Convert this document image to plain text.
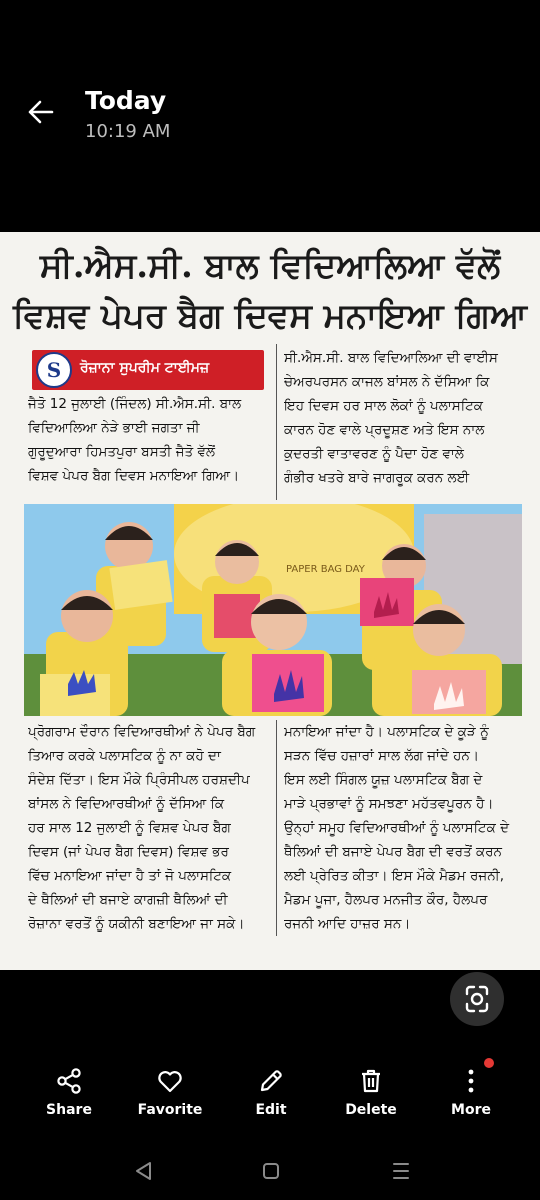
Today
10:19 AM
ਸੀ.ਐਸ.ਸੀ. ਬਾਲ ਵਿਦਿਆਲਿਆ ਵੱਲੋਂ
ਵਿਸ਼ਵ ਪੇਪਰ ਬੈਗ ਦਿਵਸ ਮਨਾਇਆ ਗਿਆ
S	ਰੋਜ਼ਾਨਾ ਸੁਪਰੀਮ ਟਾਈਮਜ਼
ਜੈਤੋ 12 ਜੁਲਾਈ (ਜਿੰਦਲ) ਸੀ.ਐਸ.ਸੀ. ਬਾਲ
ਵਿਦਿਆਲਿਆ ਨੇੜੇ ਭਾਈ ਜਗਤਾ ਜੀ
ਗੁਰੂਦੁਆਰਾ ਹਿਮਤਪੁਰਾ ਬਸਤੀ ਜੈਤੋ ਵੱਲੋਂ
ਵਿਸ਼ਵ ਪੇਪਰ ਬੈਗ ਦਿਵਸ ਮਨਾਇਆ ਗਿਆ।
ਸੀ.ਐਸ.ਸੀ. ਬਾਲ ਵਿਦਿਆਲਿਆ ਦੀ ਵਾਈਸ
ਚੇਅਰਪਰਸਨ ਕਾਜਲ ਬਾਂਸਲ ਨੇ ਦੱਸਿਆ ਕਿ
ਇਹ ਦਿਵਸ ਹਰ ਸਾਲ ਲੋਕਾਂ ਨੂੰ ਪਲਾਸਟਿਕ
ਕਾਰਨ ਹੋਣ ਵਾਲੇ ਪ੍ਰਦੂਸ਼ਣ ਅਤੇ ਇਸ ਨਾਲ
ਕੁਦਰਤੀ ਵਾਤਾਵਰਣ ਨੂੰ ਪੈਦਾ ਹੋਣ ਵਾਲੇ
ਗੰਭੀਰ ਖਤਰੇ ਬਾਰੇ ਜਾਗਰੂਕ ਕਰਨ ਲਈ
PAPER BAG DAY
ਪ੍ਰੋਗਰਾਮ ਦੌਰਾਨ ਵਿਦਿਆਰਥੀਆਂ ਨੇ ਪੇਪਰ ਬੈਗ
ਤਿਆਰ ਕਰਕੇ ਪਲਾਸਟਿਕ ਨੂੰ ਨਾ ਕਹੋ ਦਾ
ਸੰਦੇਸ਼ ਦਿੱਤਾ। ਇਸ ਮੌਕੇ ਪ੍ਰਿੰਸੀਪਲ ਹਰਸ਼ਦੀਪ
ਬਾਂਸਲ ਨੇ ਵਿਦਿਆਰਥੀਆਂ ਨੂੰ ਦੱਸਿਆ ਕਿ
ਹਰ ਸਾਲ 12 ਜੁਲਾਈ ਨੂੰ ਵਿਸ਼ਵ ਪੇਪਰ ਬੈਗ
ਦਿਵਸ (ਜਾਂ ਪੇਪਰ ਬੈਗ ਦਿਵਸ) ਵਿਸ਼ਵ ਭਰ
ਵਿੱਚ ਮਨਾਇਆ ਜਾਂਦਾ ਹੈ ਤਾਂ ਜੋ ਪਲਾਸਟਿਕ
ਦੇ ਥੈਲਿਆਂ ਦੀ ਬਜਾਏ ਕਾਗਜ਼ੀ ਥੈਲਿਆਂ ਦੀ
ਰੋਜ਼ਾਨਾ ਵਰਤੋਂ ਨੂੰ ਯਕੀਨੀ ਬਣਾਇਆ ਜਾ ਸਕੇ।
ਮਨਾਇਆ ਜਾਂਦਾ ਹੈ। ਪਲਾਸਟਿਕ ਦੇ ਕੂੜੇ ਨੂੰ
ਸੜਨ ਵਿੱਚ ਹਜ਼ਾਰਾਂ ਸਾਲ ਲੱਗ ਜਾਂਦੇ ਹਨ।
ਇਸ ਲਈ ਸਿੰਗਲ ਯੂਜ਼ ਪਲਾਸਟਿਕ ਬੈਗ ਦੇ
ਮਾੜੇ ਪ੍ਰਭਾਵਾਂ ਨੂੰ ਸਮਝਣਾ ਮਹੱਤਵਪੂਰਨ ਹੈ।
ਉਨ੍ਹਾਂ ਸਮੂਹ ਵਿਦਿਆਰਥੀਆਂ ਨੂੰ ਪਲਾਸਟਿਕ ਦੇ
ਥੈਲਿਆਂ ਦੀ ਬਜਾਏ ਪੇਪਰ ਬੈਗ ਦੀ ਵਰਤੋਂ ਕਰਨ
ਲਈ ਪ੍ਰੇਰਿਤ ਕੀਤਾ। ਇਸ ਮੌਕੇ ਮੈਡਮ ਰਜਨੀ,
ਮੈਡਮ ਪੂਜਾ, ਹੈਲਪਰ ਮਨਜੀਤ ਕੌਰ, ਹੈਲਪਰ
ਰਜਨੀ ਆਦਿ ਹਾਜ਼ਰ ਸਨ।
Share	Favorite	Edit	Delete	More
